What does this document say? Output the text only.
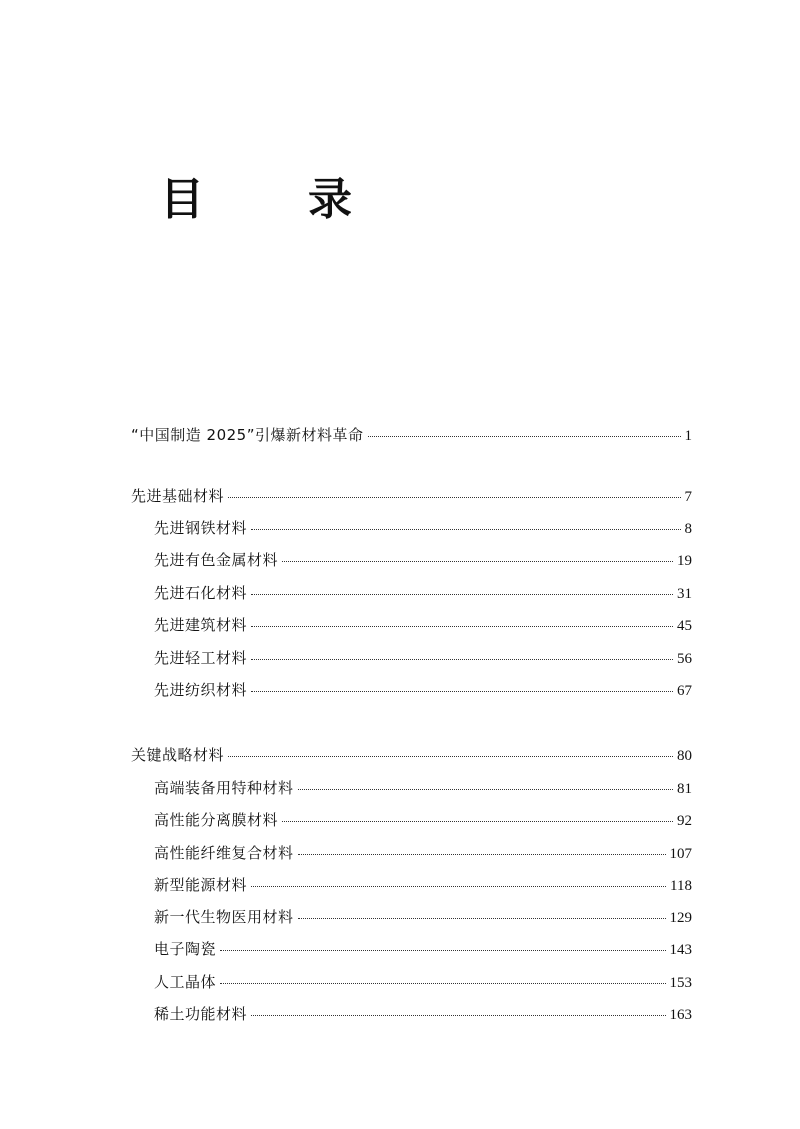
目　录
“中国制造 2025”引爆新材料革命	1
先进基础材料	7
先进钢铁材料	8
先进有色金属材料	19
先进石化材料	31
先进建筑材料	45
先进轻工材料	56
先进纺织材料	67
关键战略材料	80
高端装备用特种材料	81
高性能分离膜材料	92
高性能纤维复合材料	107
新型能源材料	118
新一代生物医用材料	129
电子陶瓷	143
人工晶体	153
稀土功能材料	163
